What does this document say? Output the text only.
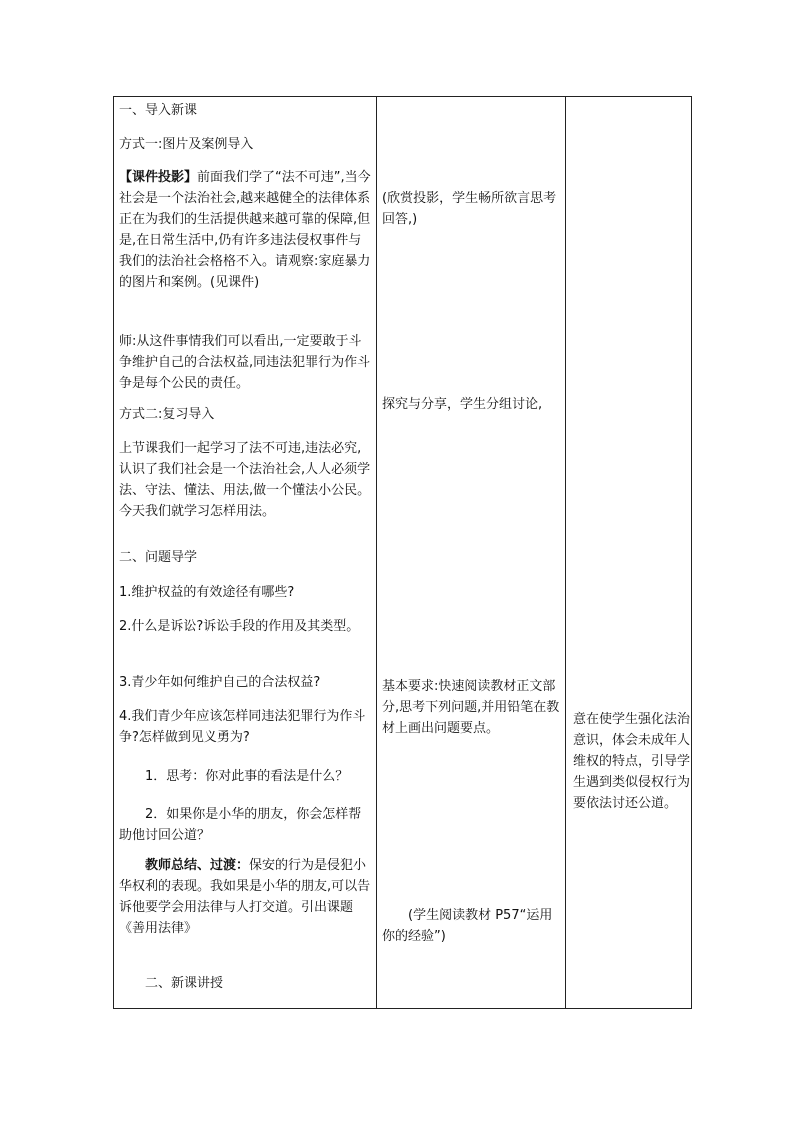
一、导入新课

方式一:图片及案例导入

【课件投影】前面我们学了“法不可违”,当今社会是一个法治社会,越来越健全的法律体系正在为我们的生活提供越来越可靠的保障,但是,在日常生活中,仍有许多违法侵权事件与我们的法治社会格格不入。请观察:家庭暴力的图片和案例。(见课件)

师:从这件事情我们可以看出,一定要敢于斗争维护自己的合法权益,同违法犯罪行为作斗争是每个公民的责任。

方式二:复习导入

上节课我们一起学习了法不可违,违法必究,认识了我们社会是一个法治社会,人人必须学法、守法、懂法、用法,做一个懂法小公民。今天我们就学习怎样用法。

二、问题导学

1.维护权益的有效途径有哪些?

2.什么是诉讼?诉讼手段的作用及其类型。

3.青少年如何维护自己的合法权益?

4.我们青少年应该怎样同违法犯罪行为作斗争?怎样做到见义勇为?

1．思考：你对此事的看法是什么？

2．如果你是小华的朋友，你会怎样帮助他讨回公道？

教师总结、过渡：保安的行为是侵犯小华权利的表现。我如果是小华的朋友,可以告诉他要学会用法律与人打交道。引出课题《善用法律》

二、新课讲授

(欣赏投影，学生畅所欲言思考回答,)

探究与分享，学生分组讨论,

基本要求:快速阅读教材正文部分,思考下列问题,并用铅笔在教材上画出问题要点。

(学生阅读教材 P57“运用你的经验”)

意在使学生强化法治意识，体会未成年人维权的特点，引导学生遇到类似侵权行为要依法讨还公道。
